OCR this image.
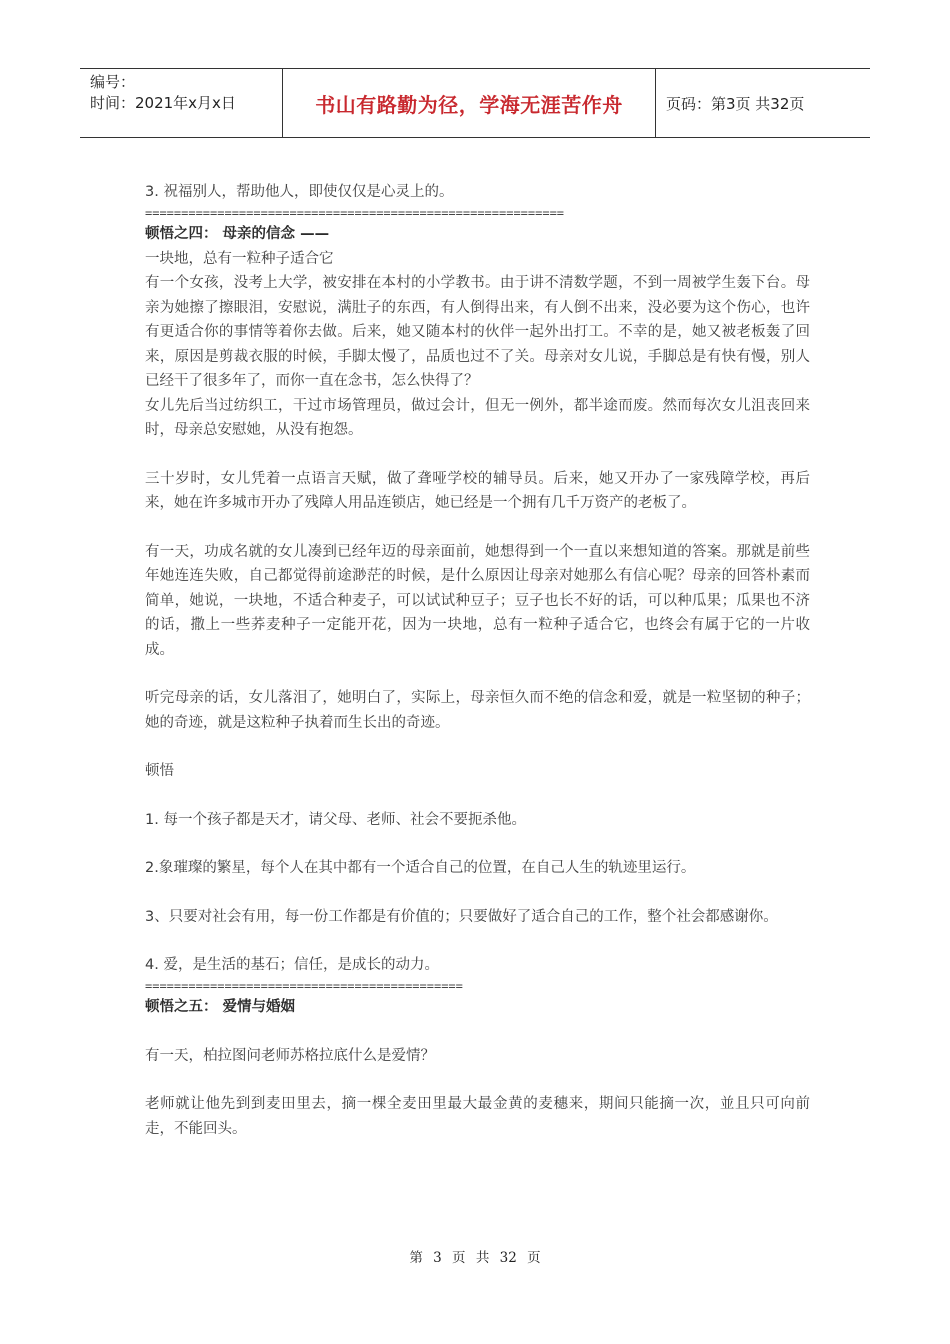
编号：
时间：2021年x月x日	书山有路勤为径，学海无涯苦作舟	页码：第3页 共32页

3. 祝福别人，帮助他人，即使仅仅是心灵上的。

==========================================================

顿悟之四： 母亲的信念 ——

一块地，总有一粒种子适合它

有一个女孩，没考上大学，被安排在本村的小学教书。由于讲不清数学题，不到一周被学生轰下台。母亲为她擦了擦眼泪，安慰说，满肚子的东西，有人倒得出来，有人倒不出来，没必要为这个伤心，也许有更适合你的事情等着你去做。后来，她又随本村的伙伴一起外出打工。不幸的是，她又被老板轰了回来，原因是剪裁衣服的时候，手脚太慢了，品质也过不了关。母亲对女儿说，手脚总是有快有慢，别人已经干了很多年了，而你一直在念书，怎么快得了？

女儿先后当过纺织工，干过市场管理员，做过会计，但无一例外，都半途而废。然而每次女儿沮丧回来时，母亲总安慰她，从没有抱怨。

三十岁时，女儿凭着一点语言天赋，做了聋哑学校的辅导员。后来，她又开办了一家残障学校，再后来，她在许多城市开办了残障人用品连锁店，她已经是一个拥有几千万资产的老板了。

有一天，功成名就的女儿凑到已经年迈的母亲面前，她想得到一个一直以来想知道的答案。那就是前些年她连连失败，自己都觉得前途渺茫的时候，是什么原因让母亲对她那么有信心呢？母亲的回答朴素而简单，她说，一块地，不适合种麦子，可以试试种豆子；豆子也长不好的话，可以种瓜果；瓜果也不济的话，撒上一些荞麦种子一定能开花，因为一块地，总有一粒种子适合它，也终会有属于它的一片收成。

听完母亲的话，女儿落泪了，她明白了，实际上，母亲恒久而不绝的信念和爱，就是一粒坚韧的种子；她的奇迹，就是这粒种子执着而生长出的奇迹。

顿悟

1. 每一个孩子都是天才，请父母、老师、社会不要扼杀他。

2.象璀璨的繁星，每个人在其中都有一个适合自己的位置，在自己人生的轨迹里运行。

3、只要对社会有用，每一份工作都是有价值的；只要做好了适合自己的工作，整个社会都感谢你。

4. 爱，是生活的基石；信任，是成长的动力。

============================================

顿悟之五： 爱情与婚姻

有一天，柏拉图问老师苏格拉底什么是爱情？

老师就让他先到到麦田里去，摘一棵全麦田里最大最金黄的麦穗来，期间只能摘一次，並且只可向前走，不能回头。

第 3 页 共 32 页
